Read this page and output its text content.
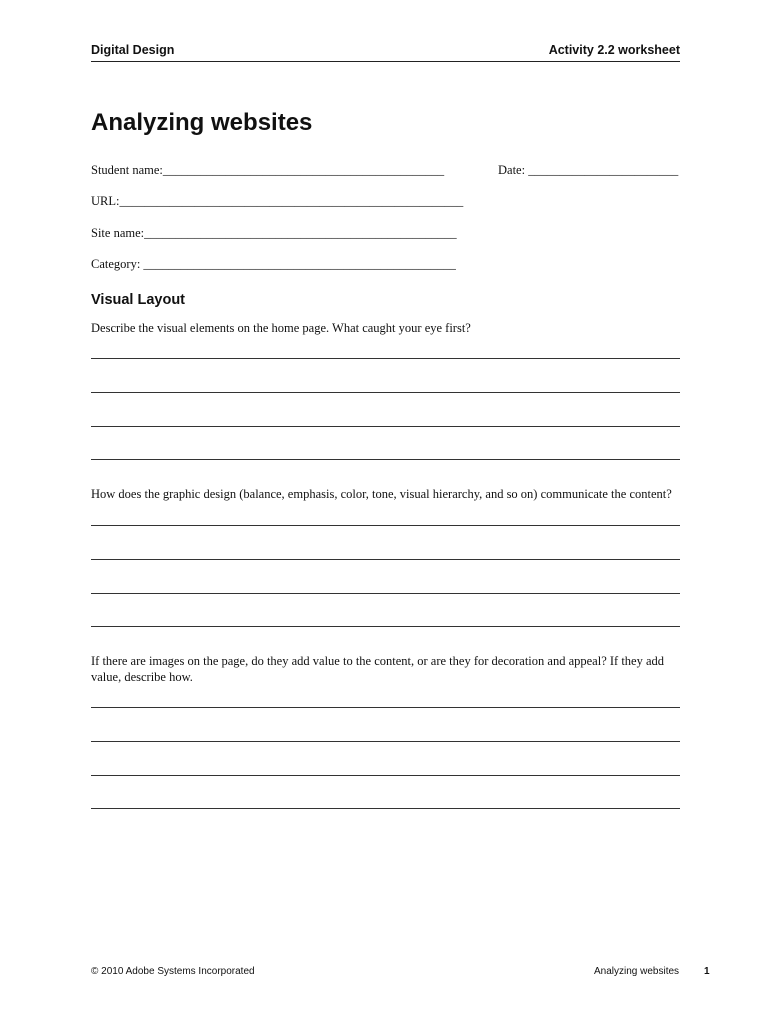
Digital Design	Activity 2.2 worksheet
Analyzing websites
Student name:_____________________________________________	Date: ________________________
URL:_______________________________________________________
Site name:__________________________________________________
Category: __________________________________________________
Visual Layout

Describe the visual elements on the home page. What caught your eye first?

How does the graphic design (balance, emphasis, color, tone, visual hierarchy, and so on) communicate the content?

If there are images on the page, do they add value to the content, or are they for decoration and appeal? If they add value, describe how.

© 2010 Adobe Systems Incorporated	Analyzing websites 1
